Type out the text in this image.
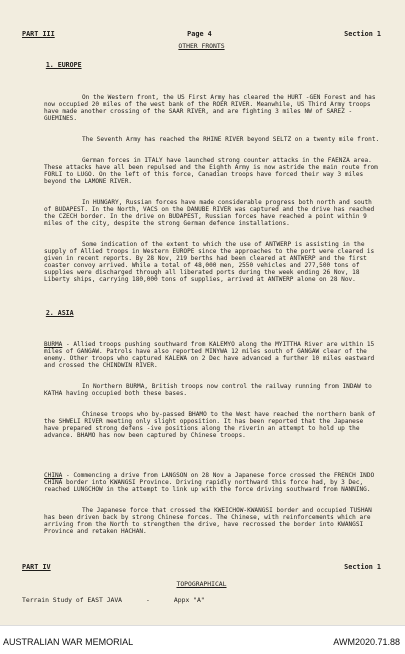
PART III	Page 4	Section 1
OTHER FRONTS

1. EUROPE

On the Western front, the US First Army has cleared the HURT -GEN Forest and has now occupied 20 miles of the west bank of the ROER RIVER. Meanwhile, US Third Army troops have made another crossing of the SAAR RIVER, and are fighting 3 miles NW of SAREZ -GUEMINES.

The Seventh Army has reached the RHINE RIVER beyond SELTZ on a twenty mile front.

German forces in ITALY have launched strong counter attacks in the FAENZA area. These attacks have all been repulsed and the Eighth Army is now astride the main route from FORLI to LUGO. On the left of this force, Canadian troops have forced their way 3 miles beyond the LAMONE RIVER.

In HUNGARY, Russian forces have made considerable progress both north and south of BUDAPEST. In the North, VACS on the DANUBE RIVER was captured and the drive has reached the CZECH border. In the drive on BUDAPEST, Russian forces have reached a point within 9 miles of the city, despite the strong German defence installations.

Some indication of the extent to which the use of ANTWERP is assisting in the supply of Allied troops in Western EUROPE since the approaches to the port were cleared is given in recent reports. By 28 Nov, 219 berths had been cleared at ANTWERP and the first coaster convoy arrived. While a total of 48,000 men, 2550 vehicles and 277,500 tons of supplies were discharged through all liberated ports during the week ending 26 Nov, 18 Liberty ships, carrying 180,000 tons of supplies, arrived at ANTWERP alone on 28 Nov.

2. ASIA

BURMA - Allied troops pushing southward from KALEMYO along the MYITTHA River are within 15 miles of GANGAW. Patrols have also reported MINYWA 12 miles south of GANGAW clear of the enemy. Other troops who captured KALEWA on 2 Dec have advanced a further 10 miles eastward and crossed the CHINDWIN RIVER.

In Northern BURMA, British troops now control the railway running from INDAW to KATHA having occupied both these bases.

Chinese troops who by-passed BHAMO to the West have reached the northern bank of the SHWELI RIVER meeting only slight opposition. It has been reported that the Japanese have prepared strong defens -ive positions along the riverin an attempt to hold up the advance. BHAMO has now been captured by Chinese troops.

CHINA - Commencing a drive from LANGSON on 28 Nov a Japanese force crossed the FRENCH INDO CHINA border into KWANGSI Province. Driving rapidly northward this force had, by 3 Dec, reached LUNGCHOW in the attempt to link up with the force driving southward from NANNING.

The Japanese force that crossed the KWEICHOW-KWANGSI border and occupied TUSHAN has been driven back by strong Chinese forces. The Chinese, with reinforcements which are arriving from the North to strengthen the drive, have recrossed the border into KWANGSI Province and retaken HACHAN.

PART IV	Section 1
TOPOGRAPHICAL
Terrain Study of EAST JAVA	-	Appx "A"
AUSTRALIAN WAR MEMORIAL	AWM2020.71.88
